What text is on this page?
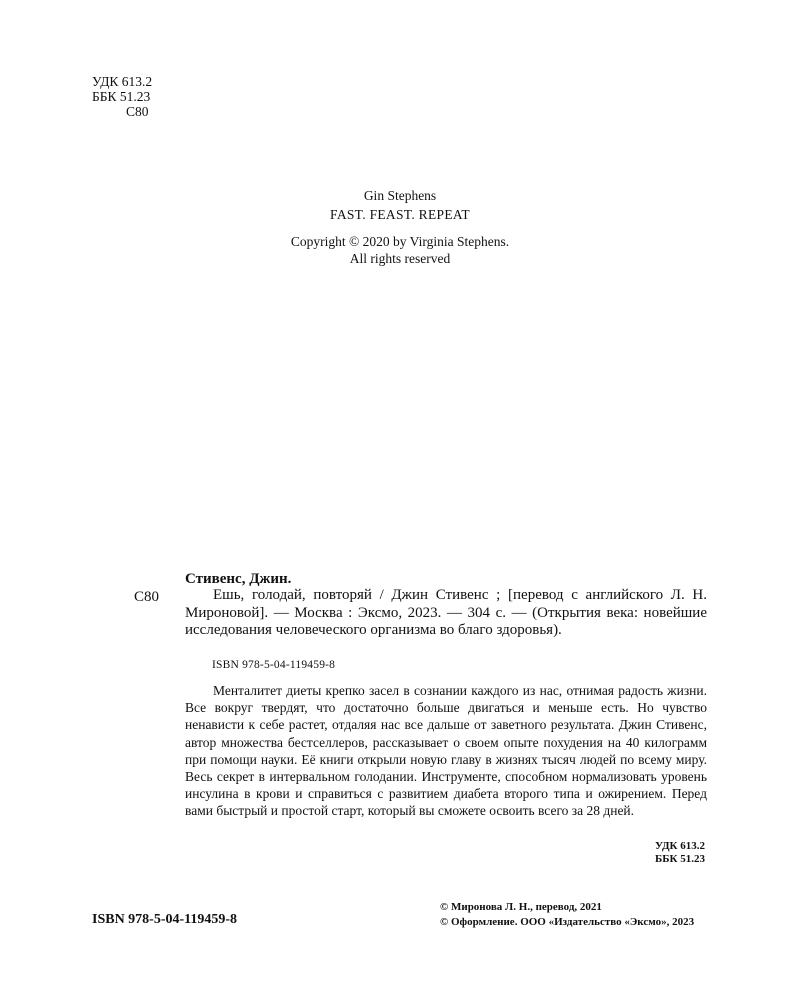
УДК 613.2
ББК 51.23
С80
Gin Stephens
FAST. FEAST. REPEAT
Copyright © 2020 by Virginia Stephens.
All rights reserved
Стивенс, Джин.
С80	Ешь, голодай, повторяй / Джин Стивенс ; [перевод с английского Л. Н. Мироновой]. — Москва : Эксмо, 2023. — 304 с. — (Открытия века: новейшие исследования человеческого организма во благо здоровья).

ISBN 978-5-04-119459-8

Менталитет диеты крепко засел в сознании каждого из нас, отнимая радость жизни. Все вокруг твердят, что достаточно больше двигаться и меньше есть. Но чувство ненависти к себе растет, отдаляя нас все дальше от заветного результата. Джин Стивенс, автор множества бестселлеров, рассказывает о своем опыте похудения на 40 килограмм при помощи науки. Её книги открыли новую главу в жизнях тысяч людей по всему миру. Весь секрет в интервальном голодании. Инструменте, способном нормализовать уровень инсулина в крови и справиться с развитием диабета второго типа и ожирением. Перед вами быстрый и простой старт, который вы сможете освоить всего за 28 дней.

УДК 613.2
ББК 51.23
© Миронова Л. Н., перевод, 2021
© Оформление. ООО «Издательство «Эксмо», 2023
ISBN 978-5-04-119459-8
